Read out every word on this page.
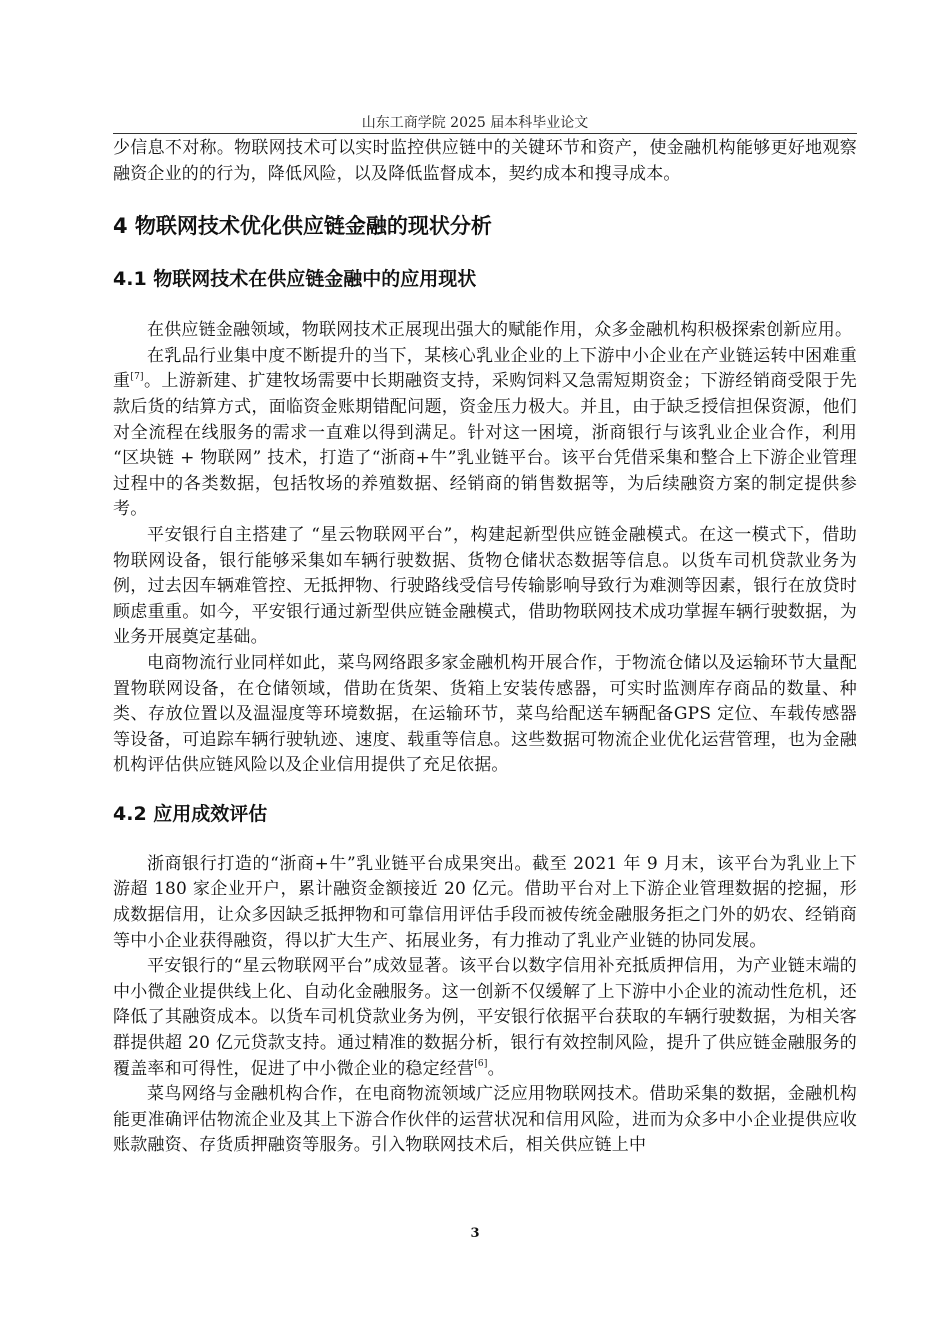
山东工商学院 2025 届本科毕业论文

少信息不对称。物联网技术可以实时监控供应链中的关键环节和资产，使金融机构能够更好地观察融资企业的的行为，降低风险，以及降低监督成本，契约成本和搜寻成本。

4 物联网技术优化供应链金融的现状分析
4.1 物联网技术在供应链金融中的应用现状

在供应链金融领域，物联网技术正展现出强大的赋能作用，众多金融机构积极探索创新应用。

在乳品行业集中度不断提升的当下，某核心乳业企业的上下游中小企业在产业链运转中困难重重[7]。上游新建、扩建牧场需要中长期融资支持，采购饲料又急需短期资金；下游经销商受限于先款后货的结算方式，面临资金账期错配问题，资金压力极大。并且，由于缺乏授信担保资源，他们对全流程在线服务的需求一直难以得到满足。针对这一困境，浙商银行与该乳业企业合作，利用 “区块链 + 物联网” 技术，打造了“浙商+牛”乳业链平台。该平台凭借采集和整合上下游企业管理过程中的各类数据，包括牧场的养殖数据、经销商的销售数据等，为后续融资方案的制定提供参考。

平安银行自主搭建了 “星云物联网平台”，构建起新型供应链金融模式。在这一模式下，借助物联网设备，银行能够采集如车辆行驶数据、货物仓储状态数据等信息。以货车司机贷款业务为例，过去因车辆难管控、无抵押物、行驶路线受信号传输影响导致行为难测等因素，银行在放贷时顾虑重重。如今，平安银行通过新型供应链金融模式，借助物联网技术成功掌握车辆行驶数据，为业务开展奠定基础。

电商物流行业同样如此，菜鸟网络跟多家金融机构开展合作，于物流仓储以及运输环节大量配置物联网设备，在仓储领域，借助在货架、货箱上安装传感器，可实时监测库存商品的数量、种类、存放位置以及温湿度等环境数据，在运输环节，菜鸟给配送车辆配备GPS 定位、车载传感器等设备，可追踪车辆行驶轨迹、速度、载重等信息。这些数据可物流企业优化运营管理，也为金融机构评估供应链风险以及企业信用提供了充足依据。

4.2 应用成效评估

浙商银行打造的“浙商+牛”乳业链平台成果突出。截至 2021 年 9 月末，该平台为乳业上下游超 180 家企业开户，累计融资金额接近 20 亿元。借助平台对上下游企业管理数据的挖掘，形成数据信用，让众多因缺乏抵押物和可靠信用评估手段而被传统金融服务拒之门外的奶农、经销商等中小企业获得融资，得以扩大生产、拓展业务，有力推动了乳业产业链的协同发展。

平安银行的“星云物联网平台”成效显著。该平台以数字信用补充抵质押信用，为产业链末端的中小微企业提供线上化、自动化金融服务。这一创新不仅缓解了上下游中小企业的流动性危机，还降低了其融资成本。以货车司机贷款业务为例，平安银行依据平台获取的车辆行驶数据，为相关客群提供超 20 亿元贷款支持。通过精准的数据分析，银行有效控制风险，提升了供应链金融服务的覆盖率和可得性，促进了中小微企业的稳定经营[6]。

菜鸟网络与金融机构合作，在电商物流领域广泛应用物联网技术。借助采集的数据，金融机构能更准确评估物流企业及其上下游合作伙伴的运营状况和信用风险，进而为众多中小企业提供应收账款融资、存货质押融资等服务。引入物联网技术后，相关供应链上中

3
